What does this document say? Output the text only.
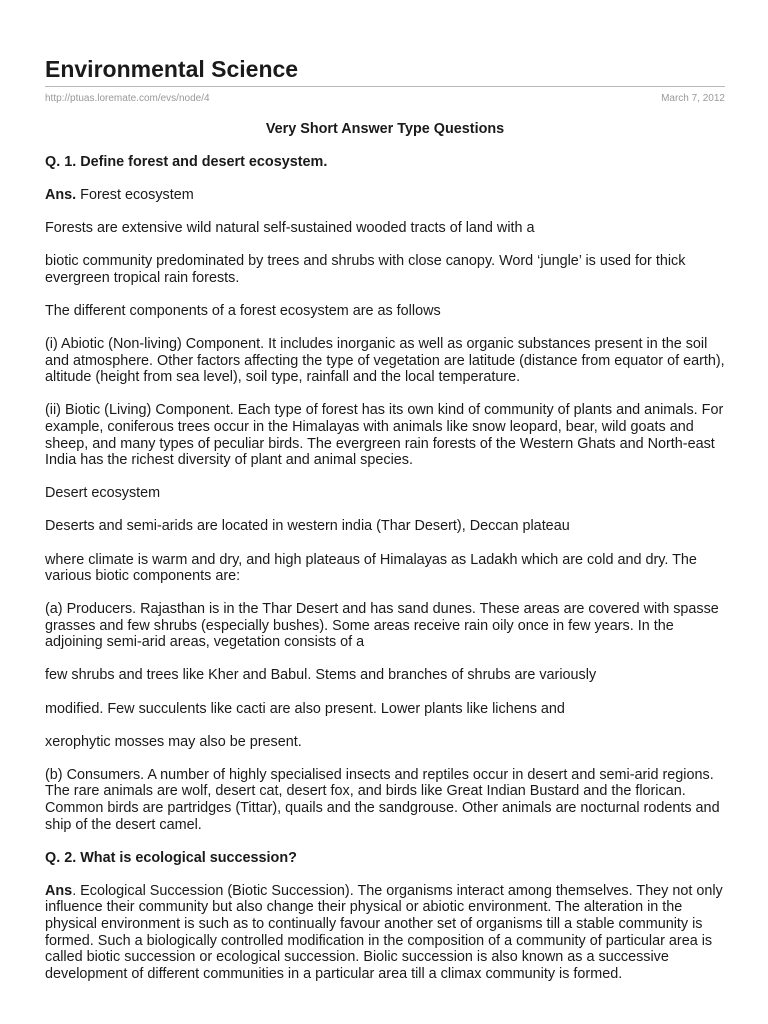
Environmental Science
http://ptuas.loremate.com/evs/node/4	March 7, 2012

Very Short Answer Type Questions

Q. 1. Define forest and desert ecosystem.

Ans. Forest ecosystem

Forests are extensive wild natural self-sustained wooded tracts of land with a

biotic community predominated by trees and shrubs with close canopy. Word ‘jungle’ is used for thick evergreen tropical rain forests.

The different components of a forest ecosystem are as follows

(i) Abiotic (Non-living) Component. It includes inorganic as well as organic substances present in the soil and atmosphere. Other factors affecting the type of vegetation are latitude (distance from equator of earth), altitude (height from sea level), soil type, rainfall and the local temperature.

(ii) Biotic (Living) Component. Each type of forest has its own kind of community of plants and animals. For example, coniferous trees occur in the Himalayas with animals like snow leopard, bear, wild goats and sheep, and many types of peculiar birds. The evergreen rain forests of the Western Ghats and North-east India has the richest diversity of plant and animal species.

Desert ecosystem

Deserts and semi-arids are located in western india (Thar Desert), Deccan plateau

where climate is warm and dry, and high plateaus of Himalayas as Ladakh which are cold and dry. The various biotic components are:

(a) Producers. Rajasthan is in the Thar Desert and has sand dunes. These areas are covered with spasse grasses and few shrubs (especially bushes). Some areas receive rain oily once in few years. In the adjoining semi-arid areas, vegetation consists of a

few shrubs and trees like Kher and Babul. Stems and branches of shrubs are variously

modified. Few succulents like cacti are also present. Lower plants like lichens and

xerophytic mosses may also be present.

(b) Consumers. A number of highly specialised insects and reptiles occur in desert and semi-arid regions. The rare animals are wolf, desert cat, desert fox, and birds like Great Indian Bustard and the florican. Common birds are partridges (Tittar), quails and the sandgrouse. Other animals are nocturnal rodents and ship of the desert camel.

Q. 2. What is ecological succession?

Ans. Ecological Succession (Biotic Succession). The organisms interact among themselves. They not only influence their community but also change their physical or abiotic environment. The alteration in the physical environment is such as to continually favour another set of organisms till a stable community is formed. Such a biologically controlled modification in the composition of a community of particular area is called biotic succession or ecological succession. Biolic succession is also known as a successive development of different communities in a particular area till a climax community is formed.
